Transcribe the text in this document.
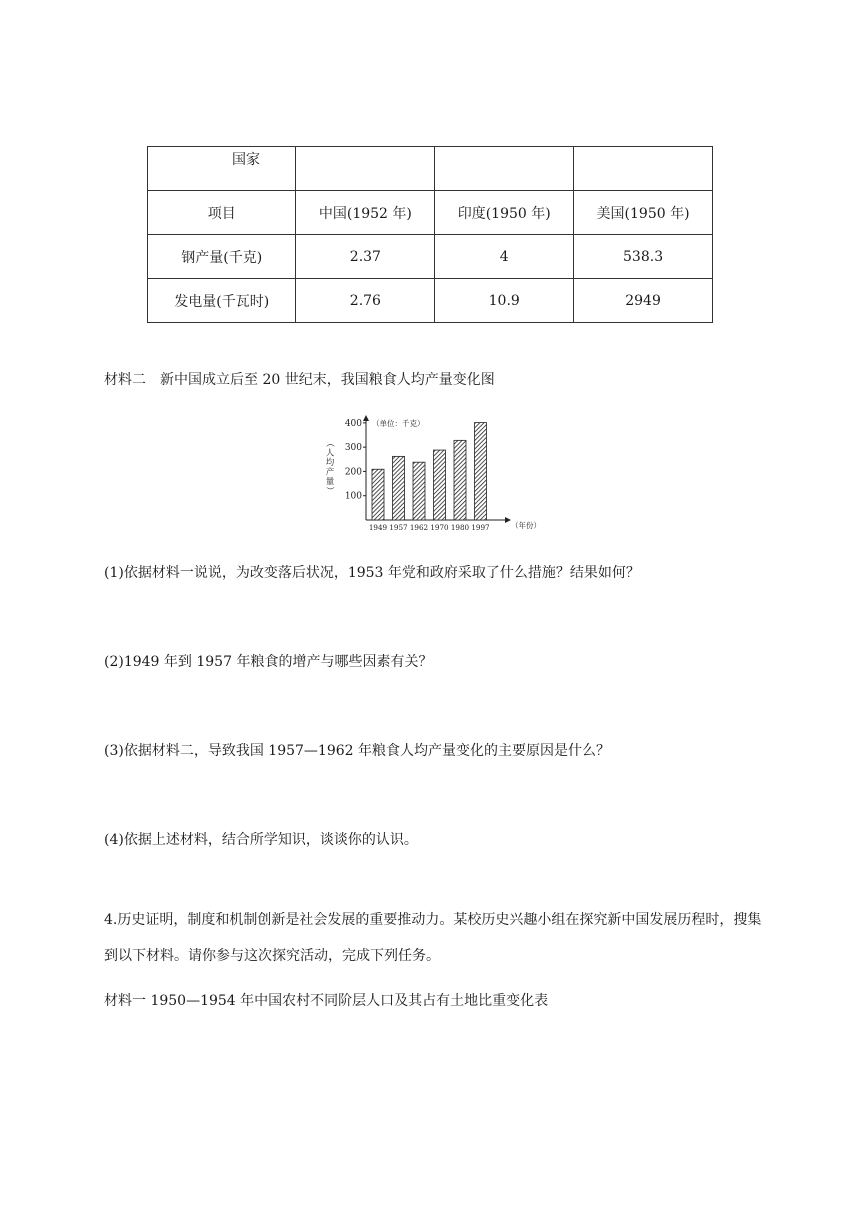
国家			

项目	中国(1952 年)	印度(1950 年)	美国(1950 年)
钢产量(千克)	2.37	4	538.3
发电量(千瓦时)	2.76	10.9	2949
材料二　新中国成立后至 20 世纪末，我国粮食人均产量变化图
100
200
300
400
1949 1957 1962 1970 1980 1997
（单位：千克）
（年份）
（
人
均
产
量
）
(1)依据材料一说说，为改变落后状况，1953 年党和政府采取了什么措施？结果如何？
(2)1949 年到 1957 年粮食的增产与哪些因素有关？
(3)依据材料二，导致我国 1957—1962 年粮食人均产量变化的主要原因是什么？
(4)依据上述材料，结合所学知识，谈谈你的认识。
4.历史证明，制度和机制创新是社会发展的重要推动力。某校历史兴趣小组在探究新中国发展历程时，搜集到以下材料。请你参与这次探究活动，完成下列任务。
材料一 1950—1954 年中国农村不同阶层人口及其占有土地比重变化表
